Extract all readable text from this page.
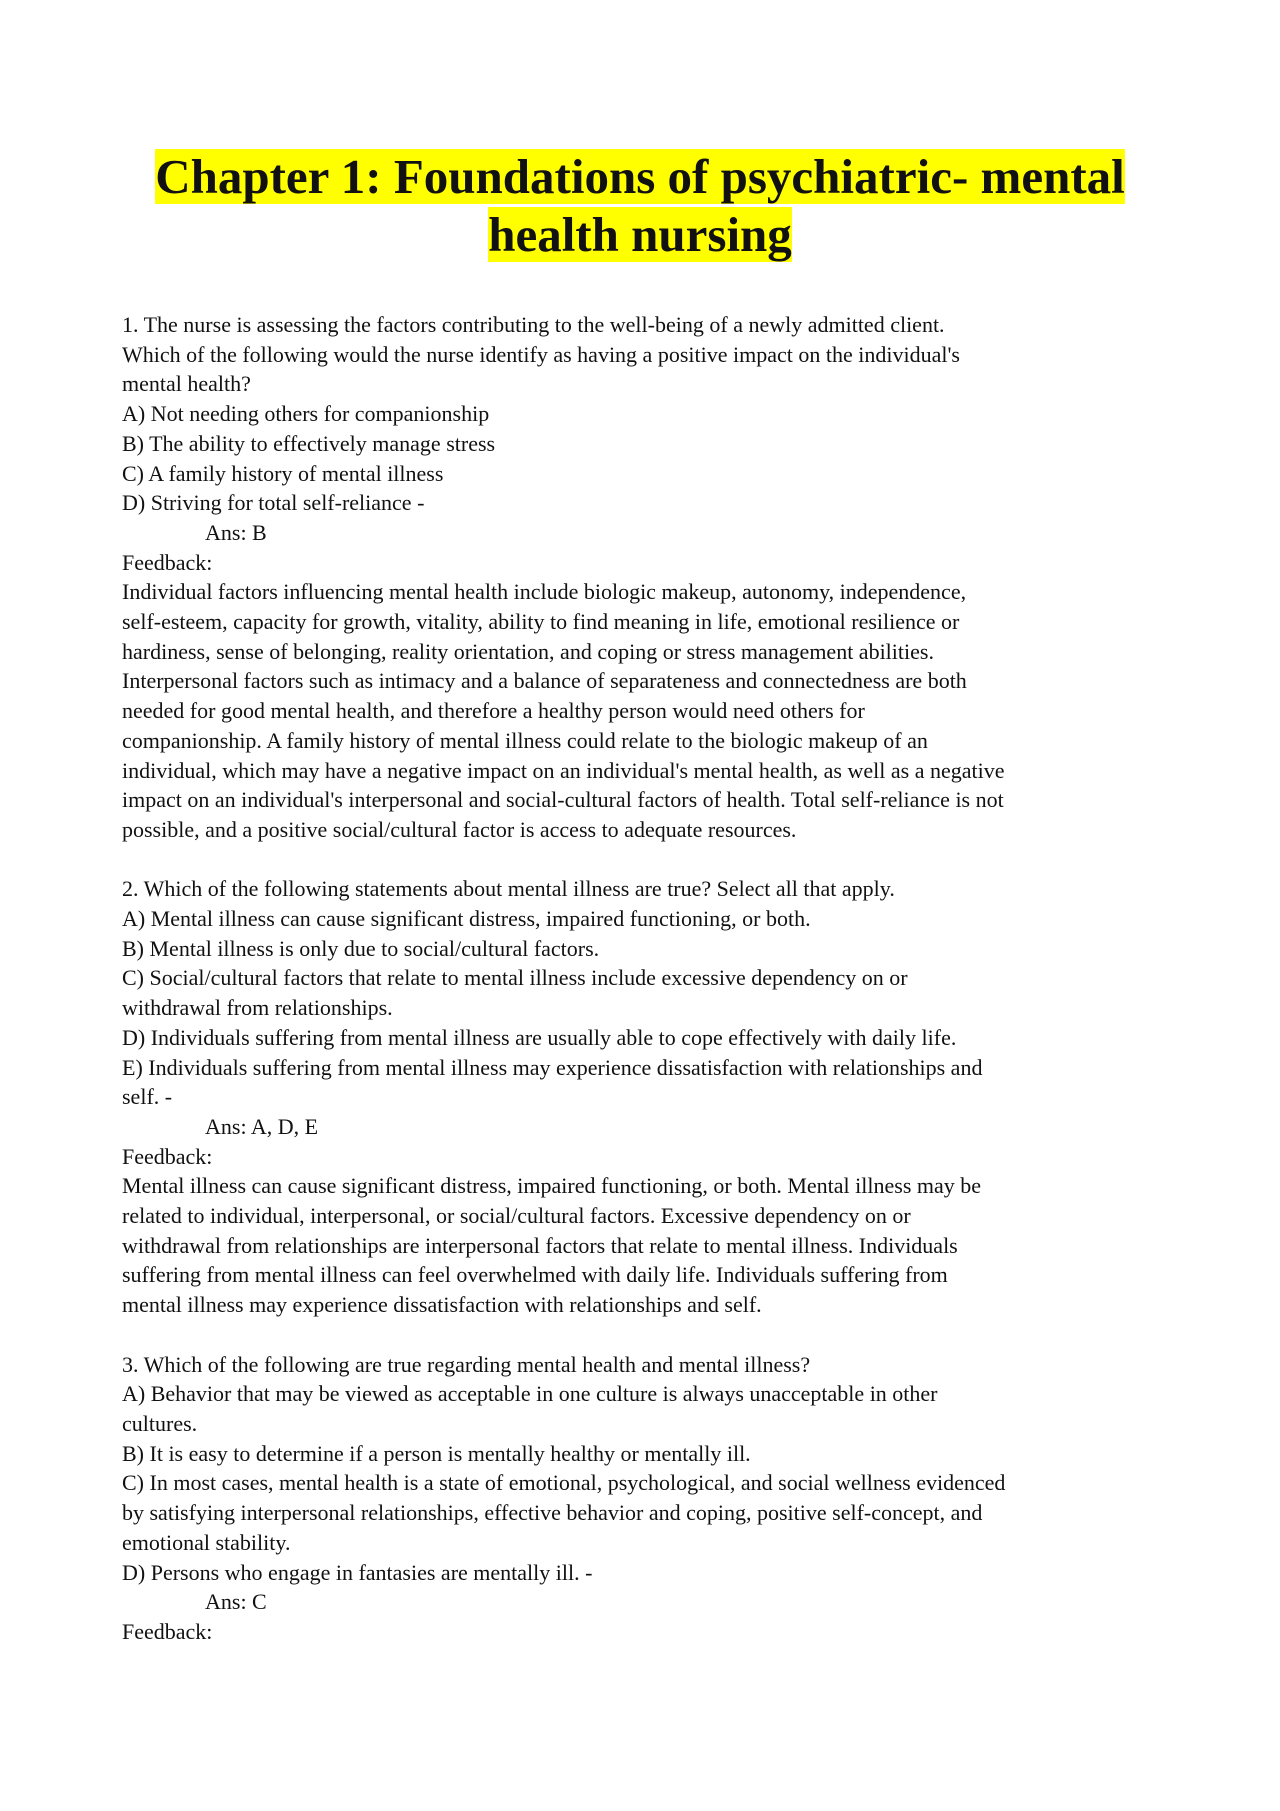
Chapter 1: Foundations of psychiatric- mental
health nursing
1. The nurse is assessing the factors contributing to the well-being of a newly admitted client.
Which of the following would the nurse identify as having a positive impact on the individual's
mental health?
A) Not needing others for companionship
B) The ability to effectively manage stress
C) A family history of mental illness
D) Striving for total self-reliance -
Ans: B
Feedback:
Individual factors influencing mental health include biologic makeup, autonomy, independence,
self-esteem, capacity for growth, vitality, ability to find meaning in life, emotional resilience or
hardiness, sense of belonging, reality orientation, and coping or stress management abilities.
Interpersonal factors such as intimacy and a balance of separateness and connectedness are both
needed for good mental health, and therefore a healthy person would need others for
companionship. A family history of mental illness could relate to the biologic makeup of an
individual, which may have a negative impact on an individual's mental health, as well as a negative
impact on an individual's interpersonal and social-cultural factors of health. Total self-reliance is not
possible, and a positive social/cultural factor is access to adequate resources.
2. Which of the following statements about mental illness are true? Select all that apply.
A) Mental illness can cause significant distress, impaired functioning, or both.
B) Mental illness is only due to social/cultural factors.
C) Social/cultural factors that relate to mental illness include excessive dependency on or
withdrawal from relationships.
D) Individuals suffering from mental illness are usually able to cope effectively with daily life.
E) Individuals suffering from mental illness may experience dissatisfaction with relationships and
self. -
Ans: A, D, E
Feedback:
Mental illness can cause significant distress, impaired functioning, or both. Mental illness may be
related to individual, interpersonal, or social/cultural factors. Excessive dependency on or
withdrawal from relationships are interpersonal factors that relate to mental illness. Individuals
suffering from mental illness can feel overwhelmed with daily life. Individuals suffering from
mental illness may experience dissatisfaction with relationships and self.
3. Which of the following are true regarding mental health and mental illness?
A) Behavior that may be viewed as acceptable in one culture is always unacceptable in other
cultures.
B) It is easy to determine if a person is mentally healthy or mentally ill.
C) In most cases, mental health is a state of emotional, psychological, and social wellness evidenced
by satisfying interpersonal relationships, effective behavior and coping, positive self-concept, and
emotional stability.
D) Persons who engage in fantasies are mentally ill. -
Ans: C
Feedback:
